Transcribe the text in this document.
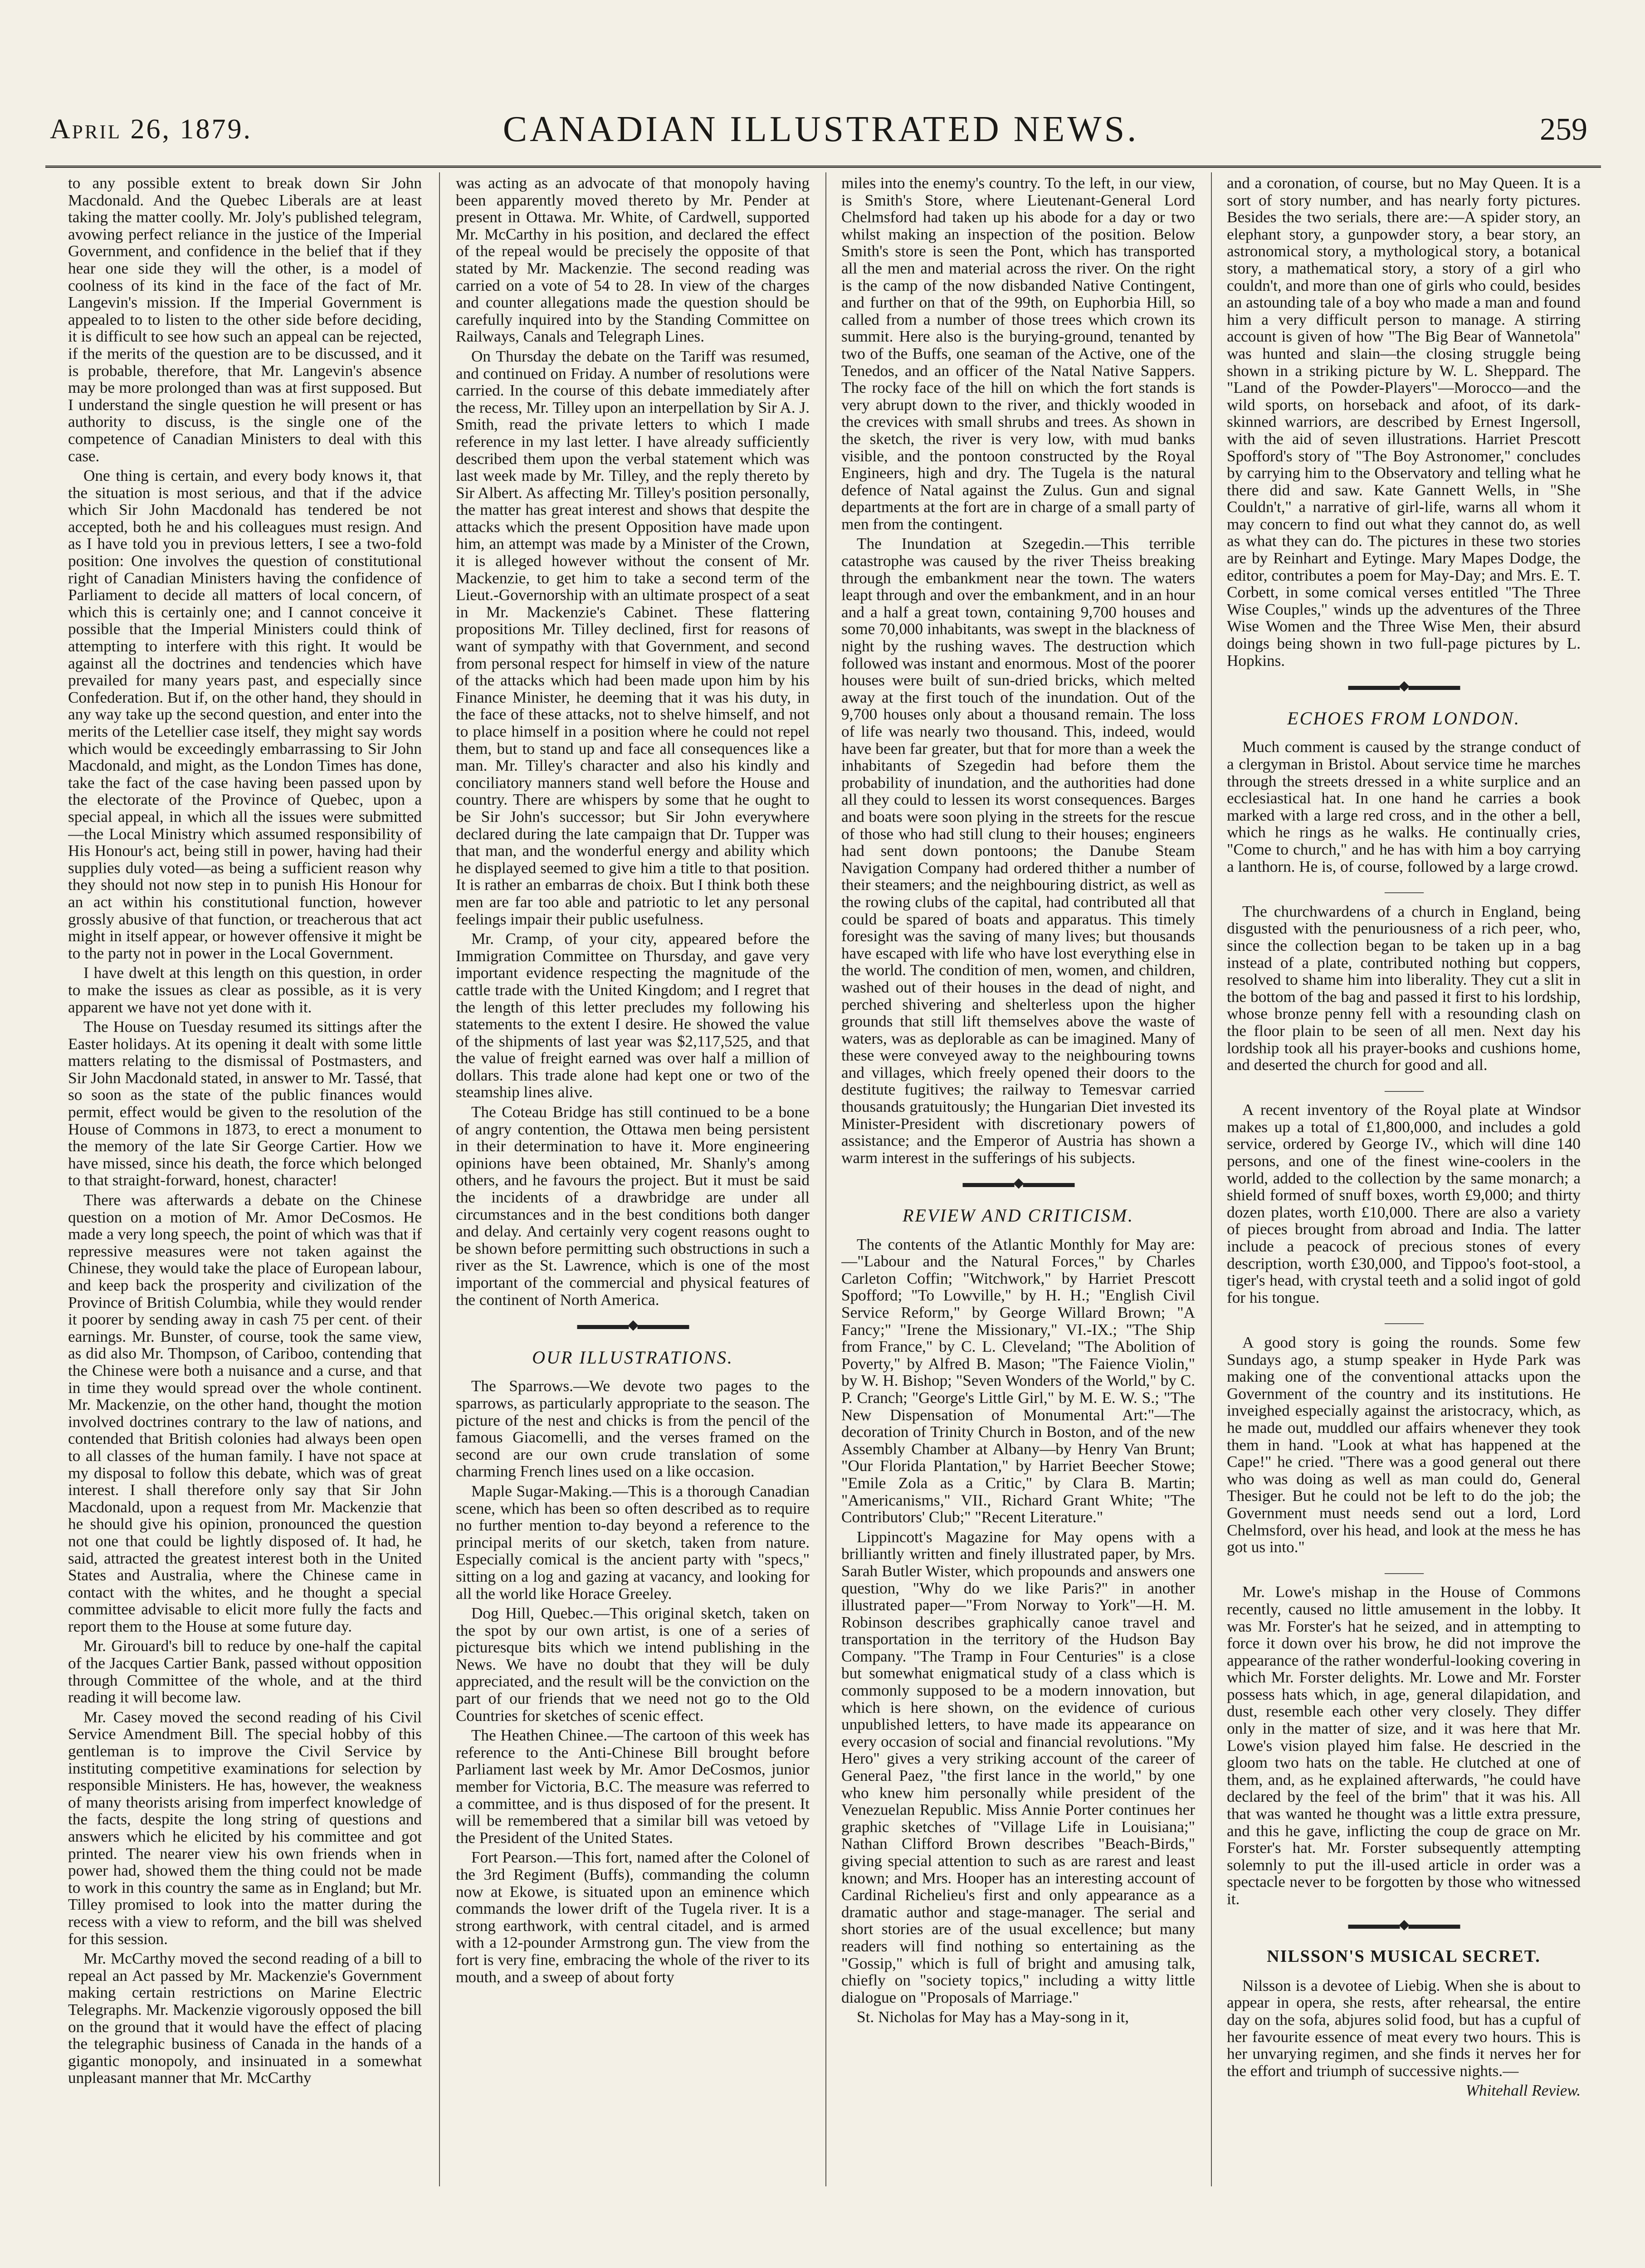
April 26, 1879.	CANADIAN ILLUSTRATED NEWS.	259

to any possible extent to break down Sir John Macdonald. And the Quebec Liberals are at least taking the matter coolly. Mr. Joly's published telegram, avowing perfect reliance in the justice of the Imperial Government, and confidence in the belief that if they hear one side they will the other, is a model of coolness of its kind in the face of the fact of Mr. Langevin's mission. If the Imperial Government is appealed to to listen to the other side before deciding, it is difficult to see how such an appeal can be rejected, if the merits of the question are to be discussed, and it is probable, therefore, that Mr. Langevin's absence may be more prolonged than was at first supposed. But I understand the single question he will present or has authority to discuss, is the single one of the competence of Canadian Ministers to deal with this case.

One thing is certain, and every body knows it, that the situation is most serious, and that if the advice which Sir John Macdonald has tendered be not accepted, both he and his colleagues must resign. And as I have told you in previous letters, I see a two-fold position: One involves the question of constitutional right of Canadian Ministers having the confidence of Parliament to decide all matters of local concern, of which this is certainly one; and I cannot conceive it possible that the Imperial Ministers could think of attempting to interfere with this right. It would be against all the doctrines and tendencies which have prevailed for many years past, and especially since Confederation. But if, on the other hand, they should in any way take up the second question, and enter into the merits of the Letellier case itself, they might say words which would be exceedingly embarrassing to Sir John Macdonald, and might, as the London Times has done, take the fact of the case having been passed upon by the electorate of the Province of Quebec, upon a special appeal, in which all the issues were submitted—the Local Ministry which assumed responsibility of His Honour's act, being still in power, having had their supplies duly voted—as being a sufficient reason why they should not now step in to punish His Honour for an act within his constitutional function, however grossly abusive of that function, or treacherous that act might in itself appear, or however offensive it might be to the party not in power in the Local Government.

I have dwelt at this length on this question, in order to make the issues as clear as possible, as it is very apparent we have not yet done with it.

The House on Tuesday resumed its sittings after the Easter holidays. At its opening it dealt with some little matters relating to the dismissal of Postmasters, and Sir John Macdonald stated, in answer to Mr. Tassé, that so soon as the state of the public finances would permit, effect would be given to the resolution of the House of Commons in 1873, to erect a monument to the memory of the late Sir George Cartier. How we have missed, since his death, the force which belonged to that straight-forward, honest, character!

There was afterwards a debate on the Chinese question on a motion of Mr. Amor DeCosmos. He made a very long speech, the point of which was that if repressive measures were not taken against the Chinese, they would take the place of European labour, and keep back the prosperity and civilization of the Province of British Columbia, while they would render it poorer by sending away in cash 75 per cent. of their earnings. Mr. Bunster, of course, took the same view, as did also Mr. Thompson, of Cariboo, contending that the Chinese were both a nuisance and a curse, and that in time they would spread over the whole continent. Mr. Mackenzie, on the other hand, thought the motion involved doctrines contrary to the law of nations, and contended that British colonies had always been open to all classes of the human family. I have not space at my disposal to follow this debate, which was of great interest. I shall therefore only say that Sir John Macdonald, upon a request from Mr. Mackenzie that he should give his opinion, pronounced the question not one that could be lightly disposed of. It had, he said, attracted the greatest interest both in the United States and Australia, where the Chinese came in contact with the whites, and he thought a special committee advisable to elicit more fully the facts and report them to the House at some future day.

Mr. Girouard's bill to reduce by one-half the capital of the Jacques Cartier Bank, passed without opposition through Committee of the whole, and at the third reading it will become law.

Mr. Casey moved the second reading of his Civil Service Amendment Bill. The special hobby of this gentleman is to improve the Civil Service by instituting competitive examinations for selection by responsible Ministers. He has, however, the weakness of many theorists arising from imperfect knowledge of the facts, despite the long string of questions and answers which he elicited by his committee and got printed. The nearer view his own friends when in power had, showed them the thing could not be made to work in this country the same as in England; but Mr. Tilley promised to look into the matter during the recess with a view to reform, and the bill was shelved for this session.

Mr. McCarthy moved the second reading of a bill to repeal an Act passed by Mr. Mackenzie's Government making certain restrictions on Marine Electric Telegraphs. Mr. Mackenzie vigorously opposed the bill on the ground that it would have the effect of placing the telegraphic business of Canada in the hands of a gigantic monopoly, and insinuated in a somewhat unpleasant manner that Mr. McCarthy

was acting as an advocate of that monopoly having been apparently moved thereto by Mr. Pender at present in Ottawa. Mr. White, of Cardwell, supported Mr. McCarthy in his position, and declared the effect of the repeal would be precisely the opposite of that stated by Mr. Mackenzie. The second reading was carried on a vote of 54 to 28. In view of the charges and counter allegations made the question should be carefully inquired into by the Standing Committee on Railways, Canals and Telegraph Lines.

On Thursday the debate on the Tariff was resumed, and continued on Friday. A number of resolutions were carried. In the course of this debate immediately after the recess, Mr. Tilley upon an interpellation by Sir A. J. Smith, read the private letters to which I made reference in my last letter. I have already sufficiently described them upon the verbal statement which was last week made by Mr. Tilley, and the reply thereto by Sir Albert. As affecting Mr. Tilley's position personally, the matter has great interest and shows that despite the attacks which the present Opposition have made upon him, an attempt was made by a Minister of the Crown, it is alleged however without the consent of Mr. Mackenzie, to get him to take a second term of the Lieut.-Governorship with an ultimate prospect of a seat in Mr. Mackenzie's Cabinet. These flattering propositions Mr. Tilley declined, first for reasons of want of sympathy with that Government, and second from personal respect for himself in view of the nature of the attacks which had been made upon him by his Finance Minister, he deeming that it was his duty, in the face of these attacks, not to shelve himself, and not to place himself in a position where he could not repel them, but to stand up and face all consequences like a man. Mr. Tilley's character and also his kindly and conciliatory manners stand well before the House and country. There are whispers by some that he ought to be Sir John's successor; but Sir John everywhere declared during the late campaign that Dr. Tupper was that man, and the wonderful energy and ability which he displayed seemed to give him a title to that position. It is rather an embarras de choix. But I think both these men are far too able and patriotic to let any personal feelings impair their public usefulness.

Mr. Cramp, of your city, appeared before the Immigration Committee on Thursday, and gave very important evidence respecting the magnitude of the cattle trade with the United Kingdom; and I regret that the length of this letter precludes my following his statements to the extent I desire. He showed the value of the shipments of last year was $2,117,525, and that the value of freight earned was over half a million of dollars. This trade alone had kept one or two of the steamship lines alive.

The Coteau Bridge has still continued to be a bone of angry contention, the Ottawa men being persistent in their determination to have it. More engineering opinions have been obtained, Mr. Shanly's among others, and he favours the project. But it must be said the incidents of a drawbridge are under all circumstances and in the best conditions both danger and delay. And certainly very cogent reasons ought to be shown before permitting such obstructions in such a river as the St. Lawrence, which is one of the most important of the commercial and physical features of the continent of North America.

▬▬▬▬◆▬▬▬▬
OUR ILLUSTRATIONS.

The Sparrows.—We devote two pages to the sparrows, as particularly appropriate to the season. The picture of the nest and chicks is from the pencil of the famous Giacomelli, and the verses framed on the second are our own crude translation of some charming French lines used on a like occasion.

Maple Sugar-Making.—This is a thorough Canadian scene, which has been so often described as to require no further mention to-day beyond a reference to the principal merits of our sketch, taken from nature. Especially comical is the ancient party with "specs," sitting on a log and gazing at vacancy, and looking for all the world like Horace Greeley.

Dog Hill, Quebec.—This original sketch, taken on the spot by our own artist, is one of a series of picturesque bits which we intend publishing in the News. We have no doubt that they will be duly appreciated, and the result will be the conviction on the part of our friends that we need not go to the Old Countries for sketches of scenic effect.

The Heathen Chinee.—The cartoon of this week has reference to the Anti-Chinese Bill brought before Parliament last week by Mr. Amor DeCosmos, junior member for Victoria, B.C. The measure was referred to a committee, and is thus disposed of for the present. It will be remembered that a similar bill was vetoed by the President of the United States.

Fort Pearson.—This fort, named after the Colonel of the 3rd Regiment (Buffs), commanding the column now at Ekowe, is situated upon an eminence which commands the lower drift of the Tugela river. It is a strong earthwork, with central citadel, and is armed with a 12-pounder Armstrong gun. The view from the fort is very fine, embracing the whole of the river to its mouth, and a sweep of about forty

miles into the enemy's country. To the left, in our view, is Smith's Store, where Lieutenant-General Lord Chelmsford had taken up his abode for a day or two whilst making an inspection of the position. Below Smith's store is seen the Pont, which has transported all the men and material across the river. On the right is the camp of the now disbanded Native Contingent, and further on that of the 99th, on Euphorbia Hill, so called from a number of those trees which crown its summit. Here also is the burying-ground, tenanted by two of the Buffs, one seaman of the Active, one of the Tenedos, and an officer of the Natal Native Sappers. The rocky face of the hill on which the fort stands is very abrupt down to the river, and thickly wooded in the crevices with small shrubs and trees. As shown in the sketch, the river is very low, with mud banks visible, and the pontoon constructed by the Royal Engineers, high and dry. The Tugela is the natural defence of Natal against the Zulus. Gun and signal departments at the fort are in charge of a small party of men from the contingent.

The Inundation at Szegedin.—This terrible catastrophe was caused by the river Theiss breaking through the embankment near the town. The waters leapt through and over the embankment, and in an hour and a half a great town, containing 9,700 houses and some 70,000 inhabitants, was swept in the blackness of night by the rushing waves. The destruction which followed was instant and enormous. Most of the poorer houses were built of sun-dried bricks, which melted away at the first touch of the inundation. Out of the 9,700 houses only about a thousand remain. The loss of life was nearly two thousand. This, indeed, would have been far greater, but that for more than a week the inhabitants of Szegedin had before them the probability of inundation, and the authorities had done all they could to lessen its worst consequences. Barges and boats were soon plying in the streets for the rescue of those who had still clung to their houses; engineers had sent down pontoons; the Danube Steam Navigation Company had ordered thither a number of their steamers; and the neighbouring district, as well as the rowing clubs of the capital, had contributed all that could be spared of boats and apparatus. This timely foresight was the saving of many lives; but thousands have escaped with life who have lost everything else in the world. The condition of men, women, and children, washed out of their houses in the dead of night, and perched shivering and shelterless upon the higher grounds that still lift themselves above the waste of waters, was as deplorable as can be imagined. Many of these were conveyed away to the neighbouring towns and villages, which freely opened their doors to the destitute fugitives; the railway to Temesvar carried thousands gratuitously; the Hungarian Diet invested its Minister-President with discretionary powers of assistance; and the Emperor of Austria has shown a warm interest in the sufferings of his subjects.

▬▬▬▬◆▬▬▬▬
REVIEW AND CRITICISM.

The contents of the Atlantic Monthly for May are:—"Labour and the Natural Forces," by Charles Carleton Coffin; "Witchwork," by Harriet Prescott Spofford; "To Lowville," by H. H.; "English Civil Service Reform," by George Willard Brown; "A Fancy;" "Irene the Missionary," VI.-IX.; "The Ship from France," by C. L. Cleveland; "The Abolition of Poverty," by Alfred B. Mason; "The Faience Violin," by W. H. Bishop; "Seven Wonders of the World," by C. P. Cranch; "George's Little Girl," by M. E. W. S.; "The New Dispensation of Monumental Art:"—The decoration of Trinity Church in Boston, and of the new Assembly Chamber at Albany—by Henry Van Brunt; "Our Florida Plantation," by Harriet Beecher Stowe; "Emile Zola as a Critic," by Clara B. Martin; "Americanisms," VII., Richard Grant White; "The Contributors' Club;" "Recent Literature."

Lippincott's Magazine for May opens with a brilliantly written and finely illustrated paper, by Mrs. Sarah Butler Wister, which propounds and answers one question, "Why do we like Paris?" in another illustrated paper—"From Norway to York"—H. M. Robinson describes graphically canoe travel and transportation in the territory of the Hudson Bay Company. "The Tramp in Four Centuries" is a close but somewhat enigmatical study of a class which is commonly supposed to be a modern innovation, but which is here shown, on the evidence of curious unpublished letters, to have made its appearance on every occasion of social and financial revolutions. "My Hero" gives a very striking account of the career of General Paez, "the first lance in the world," by one who knew him personally while president of the Venezuelan Republic. Miss Annie Porter continues her graphic sketches of "Village Life in Louisiana;" Nathan Clifford Brown describes "Beach-Birds," giving special attention to such as are rarest and least known; and Mrs. Hooper has an interesting account of Cardinal Richelieu's first and only appearance as a dramatic author and stage-manager. The serial and short stories are of the usual excellence; but many readers will find nothing so entertaining as the "Gossip," which is full of bright and amusing talk, chiefly on "society topics," including a witty little dialogue on "Proposals of Marriage."

St. Nicholas for May has a May-song in it,

and a coronation, of course, but no May Queen. It is a sort of story number, and has nearly forty pictures. Besides the two serials, there are:—A spider story, an elephant story, a gunpowder story, a bear story, an astronomical story, a mythological story, a botanical story, a mathematical story, a story of a girl who couldn't, and more than one of girls who could, besides an astounding tale of a boy who made a man and found him a very difficult person to manage. A stirring account is given of how "The Big Bear of Wannetola" was hunted and slain—the closing struggle being shown in a striking picture by W. L. Sheppard. The "Land of the Powder-Players"—Morocco—and the wild sports, on horseback and afoot, of its dark-skinned warriors, are described by Ernest Ingersoll, with the aid of seven illustrations. Harriet Prescott Spofford's story of "The Boy Astronomer," concludes by carrying him to the Observatory and telling what he there did and saw. Kate Gannett Wells, in "She Couldn't," a narrative of girl-life, warns all whom it may concern to find out what they cannot do, as well as what they can do. The pictures in these two stories are by Reinhart and Eytinge. Mary Mapes Dodge, the editor, contributes a poem for May-Day; and Mrs. E. T. Corbett, in some comical verses entitled "The Three Wise Couples," winds up the adventures of the Three Wise Women and the Three Wise Men, their absurd doings being shown in two full-page pictures by L. Hopkins.

▬▬▬▬◆▬▬▬▬
ECHOES FROM LONDON.

Much comment is caused by the strange conduct of a clergyman in Bristol. About service time he marches through the streets dressed in a white surplice and an ecclesiastical hat. In one hand he carries a book marked with a large red cross, and in the other a bell, which he rings as he walks. He continually cries, "Come to church," and he has with him a boy carrying a lanthorn. He is, of course, followed by a large crowd.

———

The churchwardens of a church in England, being disgusted with the penuriousness of a rich peer, who, since the collection began to be taken up in a bag instead of a plate, contributed nothing but coppers, resolved to shame him into liberality. They cut a slit in the bottom of the bag and passed it first to his lordship, whose bronze penny fell with a resounding clash on the floor plain to be seen of all men. Next day his lordship took all his prayer-books and cushions home, and deserted the church for good and all.

———

A recent inventory of the Royal plate at Windsor makes up a total of £1,800,000, and includes a gold service, ordered by George IV., which will dine 140 persons, and one of the finest wine-coolers in the world, added to the collection by the same monarch; a shield formed of snuff boxes, worth £9,000; and thirty dozen plates, worth £10,000. There are also a variety of pieces brought from abroad and India. The latter include a peacock of precious stones of every description, worth £30,000, and Tippoo's foot-stool, a tiger's head, with crystal teeth and a solid ingot of gold for his tongue.

———

A good story is going the rounds. Some few Sundays ago, a stump speaker in Hyde Park was making one of the conventional attacks upon the Government of the country and its institutions. He inveighed especially against the aristocracy, which, as he made out, muddled our affairs whenever they took them in hand. "Look at what has happened at the Cape!" he cried. "There was a good general out there who was doing as well as man could do, General Thesiger. But he could not be left to do the job; the Government must needs send out a lord, Lord Chelmsford, over his head, and look at the mess he has got us into."

———

Mr. Lowe's mishap in the House of Commons recently, caused no little amusement in the lobby. It was Mr. Forster's hat he seized, and in attempting to force it down over his brow, he did not improve the appearance of the rather wonderful-looking covering in which Mr. Forster delights. Mr. Lowe and Mr. Forster possess hats which, in age, general dilapidation, and dust, resemble each other very closely. They differ only in the matter of size, and it was here that Mr. Lowe's vision played him false. He descried in the gloom two hats on the table. He clutched at one of them, and, as he explained afterwards, "he could have declared by the feel of the brim" that it was his. All that was wanted he thought was a little extra pressure, and this he gave, inflicting the coup de grace on Mr. Forster's hat. Mr. Forster subsequently attempting solemnly to put the ill-used article in order was a spectacle never to be forgotten by those who witnessed it.

▬▬▬▬◆▬▬▬▬
NILSSON'S MUSICAL SECRET.

Nilsson is a devotee of Liebig. When she is about to appear in opera, she rests, after rehearsal, the entire day on the sofa, abjures solid food, but has a cupful of her favourite essence of meat every two hours. This is her unvarying regimen, and she finds it nerves her for the effort and triumph of successive nights.—

Whitehall Review.
